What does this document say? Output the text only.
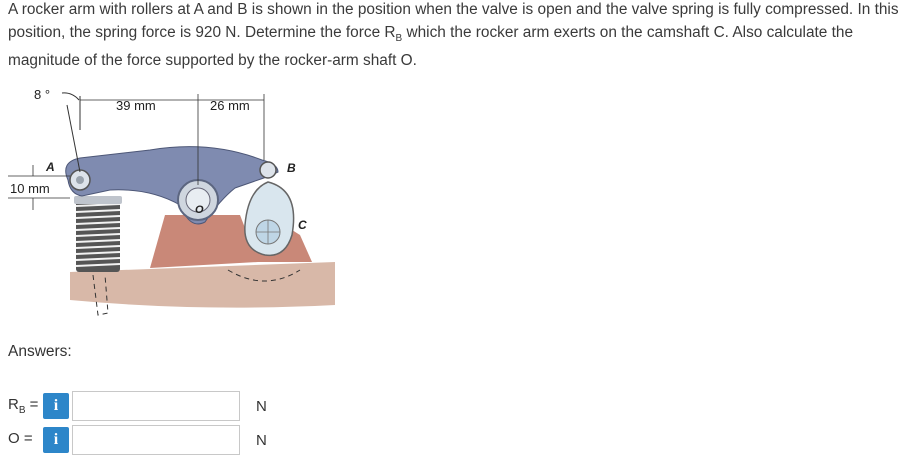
A rocker arm with rollers at A and B is shown in the position when the valve is open and the valve spring is fully compressed. In this
position, the spring force is 920 N. Determine the force $R_B$ which the rocker arm exerts on the camshaft C. Also calculate the
magnitude of the force supported by the rocker-arm shaft O.
8 °
39 mm	26 mm
10 mm
A	B
C
O
Answers:
$R_B = i$	N
O =	i	N
